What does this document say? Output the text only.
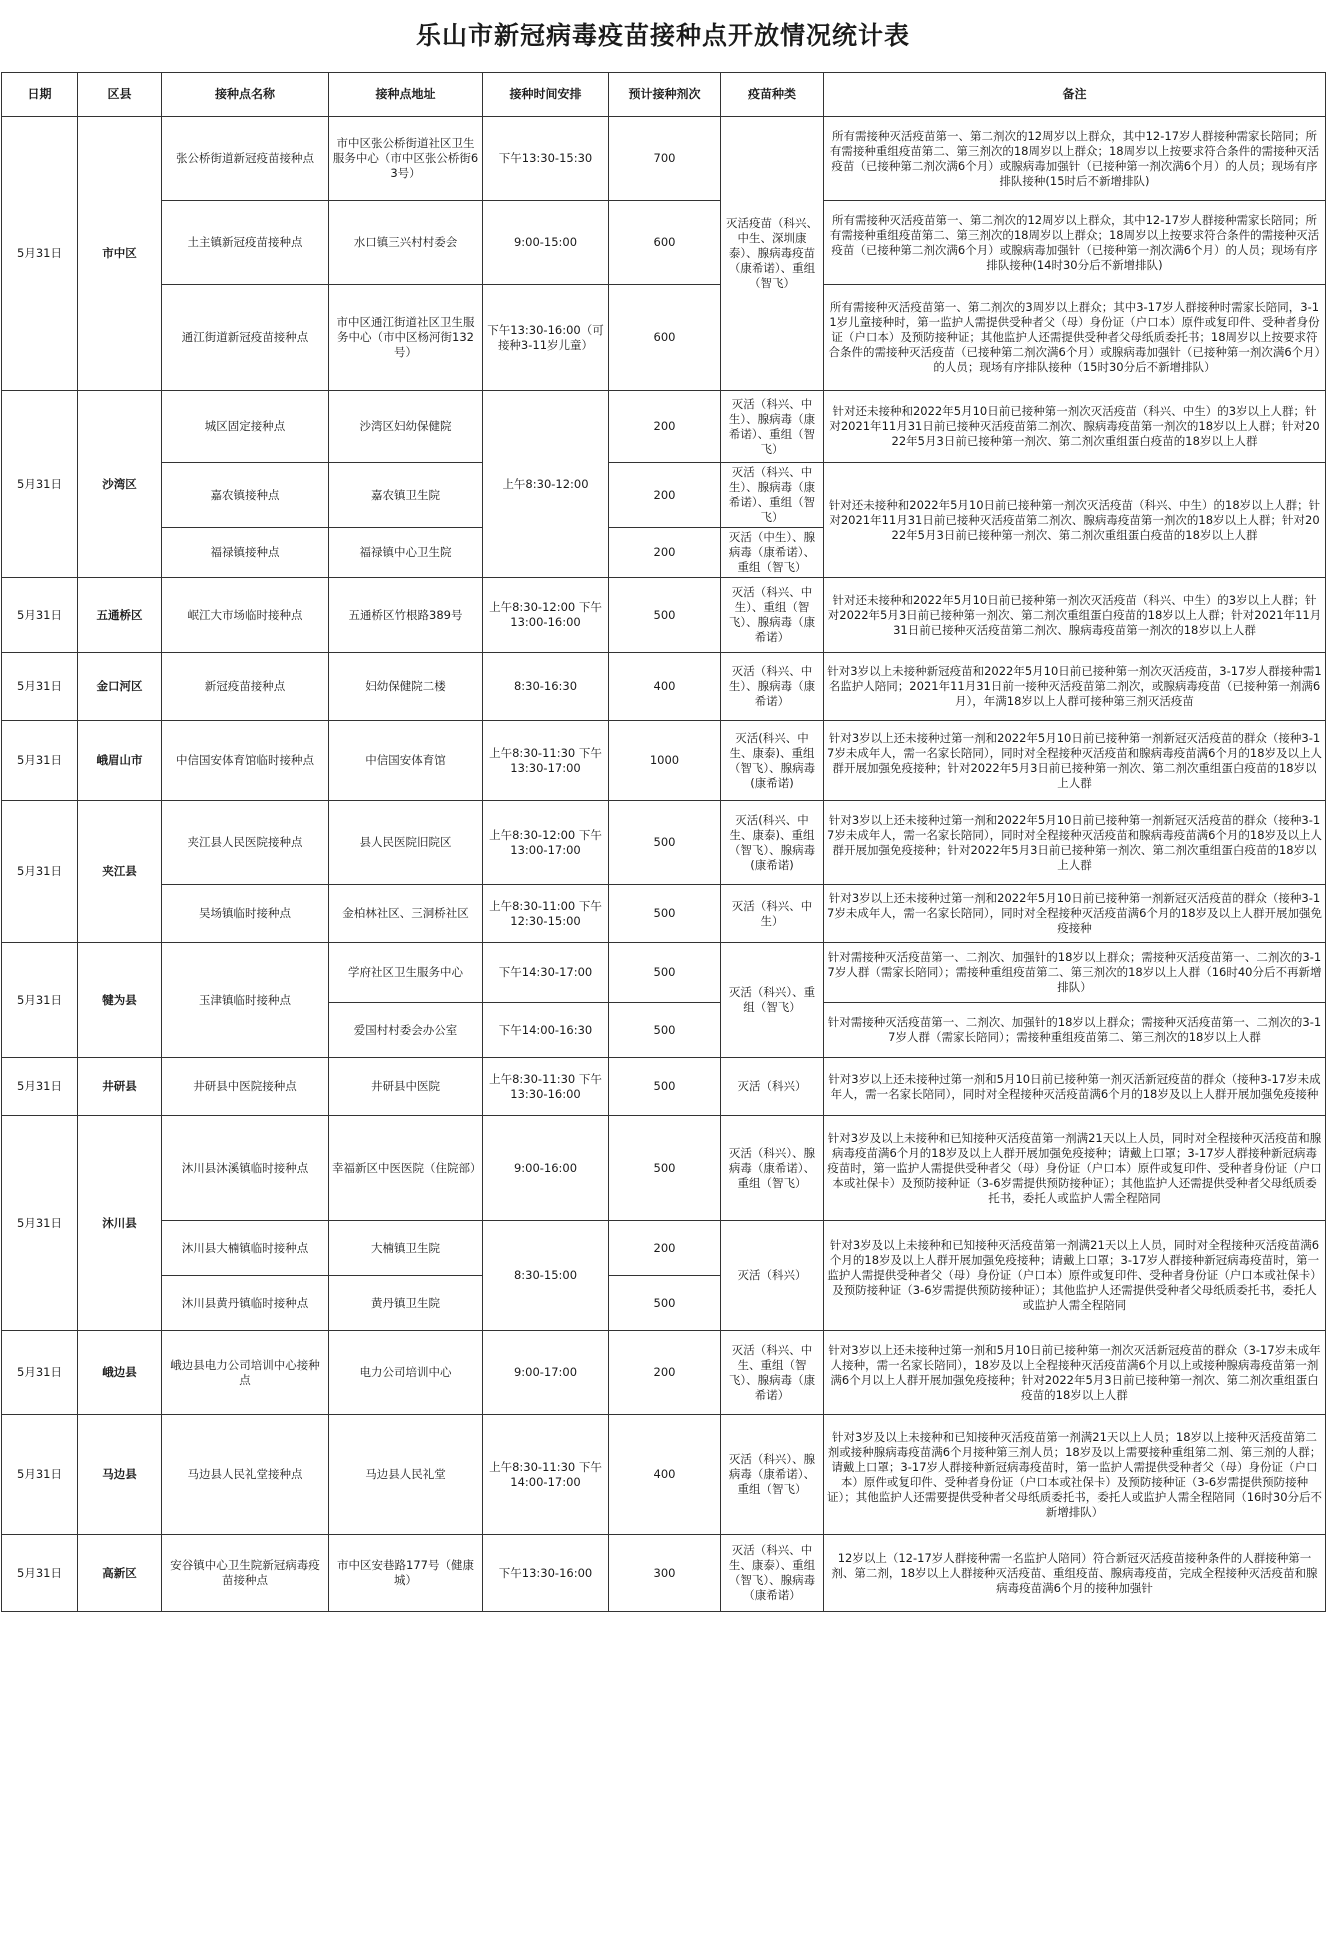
乐山市新冠病毒疫苗接种点开放情况统计表
日期	区县	接种点名称	接种点地址	接种时间安排	预计接种剂次	疫苗种类	备注
5月31日	市中区	张公桥街道新冠疫苗接种点	市中区张公桥街道社区卫生服务中心（市中区张公桥街63号）	下午13:30-15:30	700	灭活疫苗（科兴、中生、深圳康泰）、腺病毒疫苗（康希诺）、重组（智飞）	所有需接种灭活疫苗第一、第二剂次的12周岁以上群众，其中12-17岁人群接种需家长陪同；所有需接种重组疫苗第二、第三剂次的18周岁以上群众；18周岁以上按要求符合条件的需接种灭活疫苗（已接种第二剂次满6个月）或腺病毒加强针（已接种第一剂次满6个月）的人员；现场有序排队接种(15时后不新增排队)
		土主镇新冠疫苗接种点	水口镇三兴村村委会	9:00-15:00	600		所有需接种灭活疫苗第一、第二剂次的12周岁以上群众，其中12-17岁人群接种需家长陪同；所有需接种重组疫苗第二、第三剂次的18周岁以上群众；18周岁以上按要求符合条件的需接种灭活疫苗（已接种第二剂次满6个月）或腺病毒加强针（已接种第一剂次满6个月）的人员；现场有序排队接种(14时30分后不新增排队)
		通江街道新冠疫苗接种点	市中区通江街道社区卫生服务中心（市中区杨河街132号）	下午13:30-16:00（可接种3-11岁儿童）	600		所有需接种灭活疫苗第一、第二剂次的3周岁以上群众；其中3-17岁人群接种时需家长陪同，3-11岁儿童接种时，第一监护人需提供受种者父（母）身份证（户口本）原件或复印件、受种者身份证（户口本）及预防接种证；其他监护人还需提供受种者父母纸质委托书；18周岁以上按要求符合条件的需接种灭活疫苗（已接种第二剂次满6个月）或腺病毒加强针（已接种第一剂次满6个月）的人员；现场有序排队接种（15时30分后不新增排队）
5月31日	沙湾区	城区固定接种点	沙湾区妇幼保健院	上午8:30-12:00	200	灭活（科兴、中生）、腺病毒（康希诺）、重组（智飞）	针对还未接种和2022年5月10日前已接种第一剂次灭活疫苗（科兴、中生）的3岁以上人群；针对2021年11月31日前已接种灭活疫苗第二剂次、腺病毒疫苗第一剂次的18岁以上人群；针对2022年5月3日前已接种第一剂次、第二剂次重组蛋白疫苗的18岁以上人群
		嘉农镇接种点	嘉农镇卫生院		200	灭活（科兴、中生）、腺病毒（康希诺）、重组（智飞）	针对还未接种和2022年5月10日前已接种第一剂次灭活疫苗（科兴、中生）的18岁以上人群；针对2021年11月31日前已接种灭活疫苗第二剂次、腺病毒疫苗第一剂次的18岁以上人群；针对2022年5月3日前已接种第一剂次、第二剂次重组蛋白疫苗的18岁以上人群
		福禄镇接种点	福禄镇中心卫生院		200	灭活（中生）、腺病毒（康希诺）、重组（智飞）	
5月31日	五通桥区	岷江大市场临时接种点	五通桥区竹根路389号	上午8:30-12:00 下午13:00-16:00	500	灭活（科兴、中生）、重组（智飞）、腺病毒（康希诺）	针对还未接种和2022年5月10日前已接种第一剂次灭活疫苗（科兴、中生）的3岁以上人群；针对2022年5月3日前已接种第一剂次、第二剂次重组蛋白疫苗的18岁以上人群；针对2021年11月31日前已接种灭活疫苗第二剂次、腺病毒疫苗第一剂次的18岁以上人群
5月31日	金口河区	新冠疫苗接种点	妇幼保健院二楼	8:30-16:30	400	灭活（科兴、中生）、腺病毒（康希诺）	针对3岁以上未接种新冠疫苗和2022年5月10日前已接种第一剂次灭活疫苗，3-17岁人群接种需1名监护人陪同；2021年11月31日前一接种灭活疫苗第二剂次，或腺病毒疫苗（已接种第一剂满6月），年满18岁以上人群可接种第三剂灭活疫苗
5月31日	峨眉山市	中信国安体育馆临时接种点	中信国安体育馆	上午8:30-11:30 下午13:30-17:00	1000	灭活(科兴、中生、康泰)、重组（智飞）、腺病毒(康希诺)	针对3岁以上还未接种过第一剂和2022年5月10日前已接种第一剂新冠灭活疫苗的群众（接种3-17岁未成年人，需一名家长陪同），同时对全程接种灭活疫苗和腺病毒疫苗满6个月的18岁及以上人群开展加强免疫接种；针对2022年5月3日前已接种第一剂次、第二剂次重组蛋白疫苗的18岁以上人群
5月31日	夹江县	夹江县人民医院接种点	县人民医院旧院区	上午8:30-12:00 下午13:00-17:00	500	灭活(科兴、中生、康泰)、重组（智飞）、腺病毒(康希诺)	针对3岁以上还未接种过第一剂和2022年5月10日前已接种第一剂新冠灭活疫苗的群众（接种3-17岁未成年人，需一名家长陪同），同时对全程接种灭活疫苗和腺病毒疫苗满6个月的18岁及以上人群开展加强免疫接种；针对2022年5月3日前已接种第一剂次、第二剂次重组蛋白疫苗的18岁以上人群
		吴场镇临时接种点	金柏林社区、三洞桥社区	上午8:30-11:00 下午12:30-15:00	500	灭活（科兴、中生）	针对3岁以上还未接种过第一剂和2022年5月10日前已接种第一剂新冠灭活疫苗的群众（接种3-17岁未成年人，需一名家长陪同），同时对全程接种灭活疫苗满6个月的18岁及以上人群开展加强免疫接种
5月31日	犍为县	玉津镇临时接种点	学府社区卫生服务中心	下午14:30-17:00	500	灭活（科兴）、重组（智飞）	针对需接种灭活疫苗第一、二剂次、加强针的18岁以上群众；需接种灭活疫苗第一、二剂次的3-17岁人群（需家长陪同）；需接种重组疫苗第二、第三剂次的18岁以上人群（16时40分后不再新增排队）
			爱国村村委会办公室	下午14:00-16:30	500		针对需接种灭活疫苗第一、二剂次、加强针的18岁以上群众；需接种灭活疫苗第一、二剂次的3-17岁人群（需家长陪同）；需接种重组疫苗第二、第三剂次的18岁以上人群
5月31日	井研县	井研县中医院接种点	井研县中医院	上午8:30-11:30 下午13:30-16:00	500	灭活（科兴）	针对3岁以上还未接种过第一剂和5月10日前已接种第一剂灭活新冠疫苗的群众（接种3-17岁未成年人，需一名家长陪同），同时对全程接种灭活疫苗满6个月的18岁及以上人群开展加强免疫接种
5月31日	沐川县	沐川县沐溪镇临时接种点	幸福新区中医医院（住院部）	9:00-16:00	500	灭活（科兴）、腺病毒（康希诺）、重组（智飞）	针对3岁及以上未接种和已知接种灭活疫苗第一剂满21天以上人员，同时对全程接种灭活疫苗和腺病毒疫苗满6个月的18岁及以上人群开展加强免疫接种；请戴上口罩；3-17岁人群接种新冠病毒疫苗时，第一监护人需提供受种者父（母）身份证（户口本）原件或复印件、受种者身份证（户口本或社保卡）及预防接种证（3-6岁需提供预防接种证）；其他监护人还需提供受种者父母纸质委托书，委托人或监护人需全程陪同
		沐川县大楠镇临时接种点	大楠镇卫生院	8:30-15:00	200	灭活（科兴）	针对3岁及以上未接种和已知接种灭活疫苗第一剂满21天以上人员，同时对全程接种灭活疫苗满6个月的18岁及以上人群开展加强免疫接种；请戴上口罩；3-17岁人群接种新冠病毒疫苗时，第一监护人需提供受种者父（母）身份证（户口本）原件或复印件、受种者身份证（户口本或社保卡）及预防接种证（3-6岁需提供预防接种证）；其他监护人还需提供受种者父母纸质委托书，委托人或监护人需全程陪同
		沐川县黄丹镇临时接种点	黄丹镇卫生院		500		
5月31日	峨边县	峨边县电力公司培训中心接种点	电力公司培训中心	9:00-17:00	200	灭活（科兴、中生、重组（智飞）、腺病毒（康希诺）	针对3岁以上还未接种过第一剂和5月10日前已接种第一剂次灭活新冠疫苗的群众（3-17岁未成年人接种，需一名家长陪同），18岁及以上全程接种灭活疫苗满6个月以上或接种腺病毒疫苗第一剂满6个月以上人群开展加强免疫接种；针对2022年5月3日前已接种第一剂次、第二剂次重组蛋白疫苗的18岁以上人群
5月31日	马边县	马边县人民礼堂接种点	马边县人民礼堂	上午8:30-11:30 下午14:00-17:00	400	灭活（科兴）、腺病毒（康希诺）、重组（智飞）	针对3岁及以上未接种和已知接种灭活疫苗第一剂满21天以上人员；18岁以上接种灭活疫苗第二剂或接种腺病毒疫苗满6个月接种第三剂人员；18岁及以上需要接种重组第二剂、第三剂的人群；请戴上口罩；3-17岁人群接种新冠病毒疫苗时，第一监护人需提供受种者父（母）身份证（户口本）原件或复印件、受种者身份证（户口本或社保卡）及预防接种证（3-6岁需提供预防接种证）；其他监护人还需要提供受种者父母纸质委托书，委托人或监护人需全程陪同（16时30分后不新增排队）
5月31日	高新区	安谷镇中心卫生院新冠病毒疫苗接种点	市中区安巷路177号（健康城）	下午13:30-16:00	300	灭活（科兴、中生、康泰）、重组（智飞）、腺病毒（康希诺）	12岁以上（12-17岁人群接种需一名监护人陪同）符合新冠灭活疫苗接种条件的人群接种第一剂、第二剂，18岁以上人群接种灭活疫苗、重组疫苗、腺病毒疫苗，完成全程接种灭活疫苗和腺病毒疫苗满6个月的接种加强针
